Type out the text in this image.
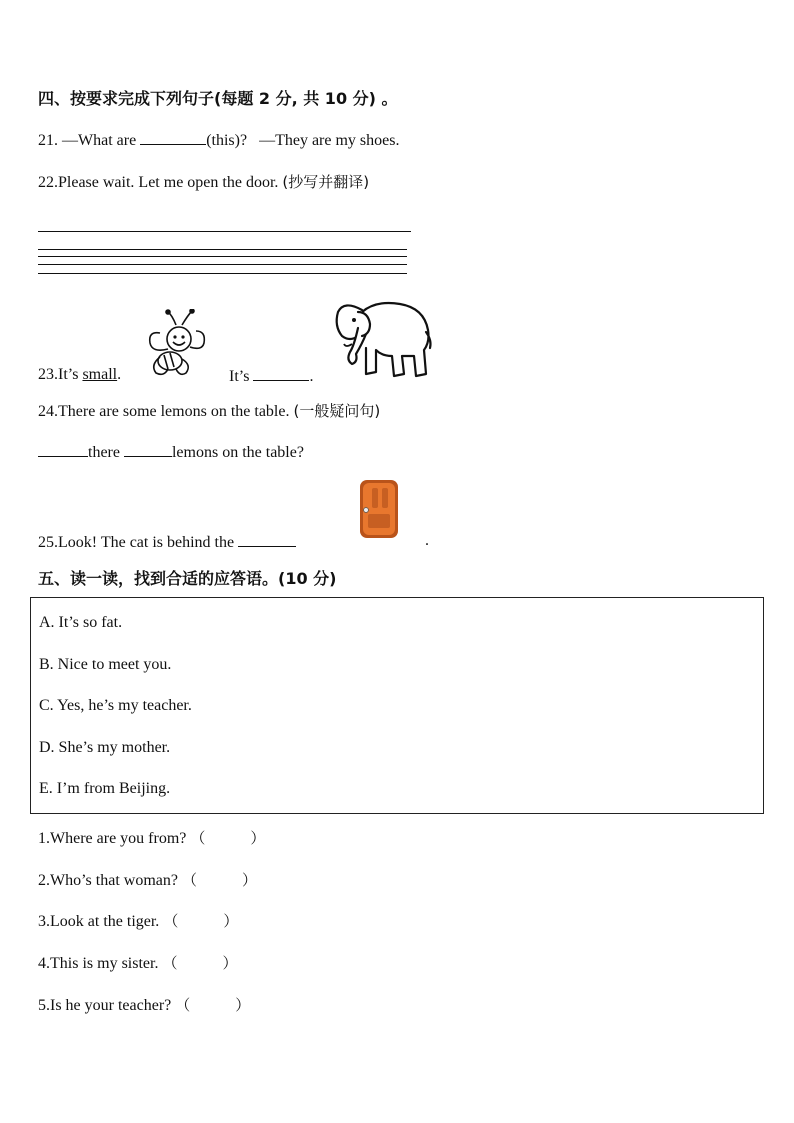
四、按要求完成下列句子(每题 2 分, 共 10 分) 。
21. —What are	(this)? —They are my shoes.
22.Please wait. Let me open the door. (抄写并翻译)
23.It’s small.	It’s	.
24.There are some lemons on the table. (一般疑问句)
there	lemons on the table?
25.Look! The cat is behind the	.
五、读一读，找到合适的应答语。(10 分)
A. It’s so fat.
B. Nice to meet you.
C. Yes, he’s my teacher.
D. She’s my mother.
E. I’m from Beijing.
1.Where are you from? （　　　）
2.Who’s that woman? （　　　）
3.Look at the tiger. （　　　）
4.This is my sister. （　　　）
5.Is he your teacher? （　　　）
